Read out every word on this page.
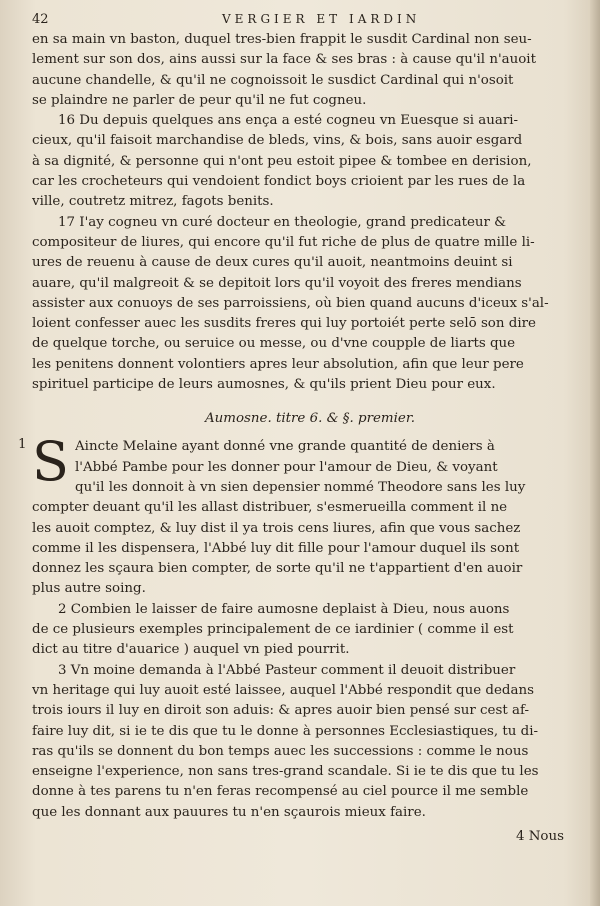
42	VERGIER ET IARDIN

en sa main vn baston, duquel tres-bien frappit le susdit Cardinal non seu-

lement sur son dos, ains aussi sur la face & ses bras : à cause qu'il n'auoit

aucune chandelle, & qu'il ne cognoissoit le susdict Cardinal qui n'osoit

se plaindre ne parler de peur qu'il ne fut cogneu.

16 Du depuis quelques ans ença a esté cogneu vn Euesque si auari-

cieux, qu'il faisoit marchandise de bleds, vins, & bois, sans auoir esgard

à sa dignité, & personne qui n'ont peu estoit pipee & tombee en derision,

car les crocheteurs qui vendoient fondict boys crioient par les rues de la

ville, coutretz mitrez, fagots benits.

17 I'ay cogneu vn curé docteur en theologie, grand predicateur &

compositeur de liures, qui encore qu'il fut riche de plus de quatre mille li-

ures de reuenu à cause de deux cures qu'il auoit, neantmoins deuint si

auare, qu'il malgreoit & se depitoit lors qu'il voyoit des freres mendians

assister aux conuoys de ses parroissiens, où bien quand aucuns d'iceux s'al-

loient confesser auec les susdits freres qui luy portoiét perte selō son dire

de quelque torche, ou seruice ou messe, ou d'vne coupple de liarts que

les penitens donnent volontiers apres leur absolution, afin que leur pere

spirituel participe de leurs aumosnes, & qu'ils prient Dieu pour eux.

Aumosne. titre 6. & §. premier.
1 S Aincte Melaine ayant donné vne grande quantité de deniers à

l'Abbé Pambe pour les donner pour l'amour de Dieu, & voyant

qu'il les donnoit à vn sien depensier nommé Theodore sans les luy

compter deuant qu'il les allast distribuer, s'esmerueilla comment il ne

les auoit comptez, & luy dist il ya trois cens liures, afin que vous sachez

comme il les dispensera, l'Abbé luy dit fille pour l'amour duquel ils sont

donnez les sçaura bien compter, de sorte qu'il ne t'appartient d'en auoir

plus autre soing.

2 Combien le laisser de faire aumosne deplaist à Dieu, nous auons

de ce plusieurs exemples principalement de ce iardinier ( comme il est

dict au titre d'auarice ) auquel vn pied pourrit.

3 Vn moine demanda à l'Abbé Pasteur comment il deuoit distribuer

vn heritage qui luy auoit esté laissee, auquel l'Abbé respondit que dedans

trois iours il luy en diroit son aduis: & apres auoir bien pensé sur cest af-

faire luy dit, si ie te dis que tu le donne à personnes Ecclesiastiques, tu di-

ras qu'ils se donnent du bon temps auec les successions : comme le nous

enseigne l'experience, non sans tres-grand scandale. Si ie te dis que tu les

donne à tes parens tu n'en feras recompensé au ciel pource il me semble

que les donnant aux pauures tu n'en sçaurois mieux faire.

4 Nous
